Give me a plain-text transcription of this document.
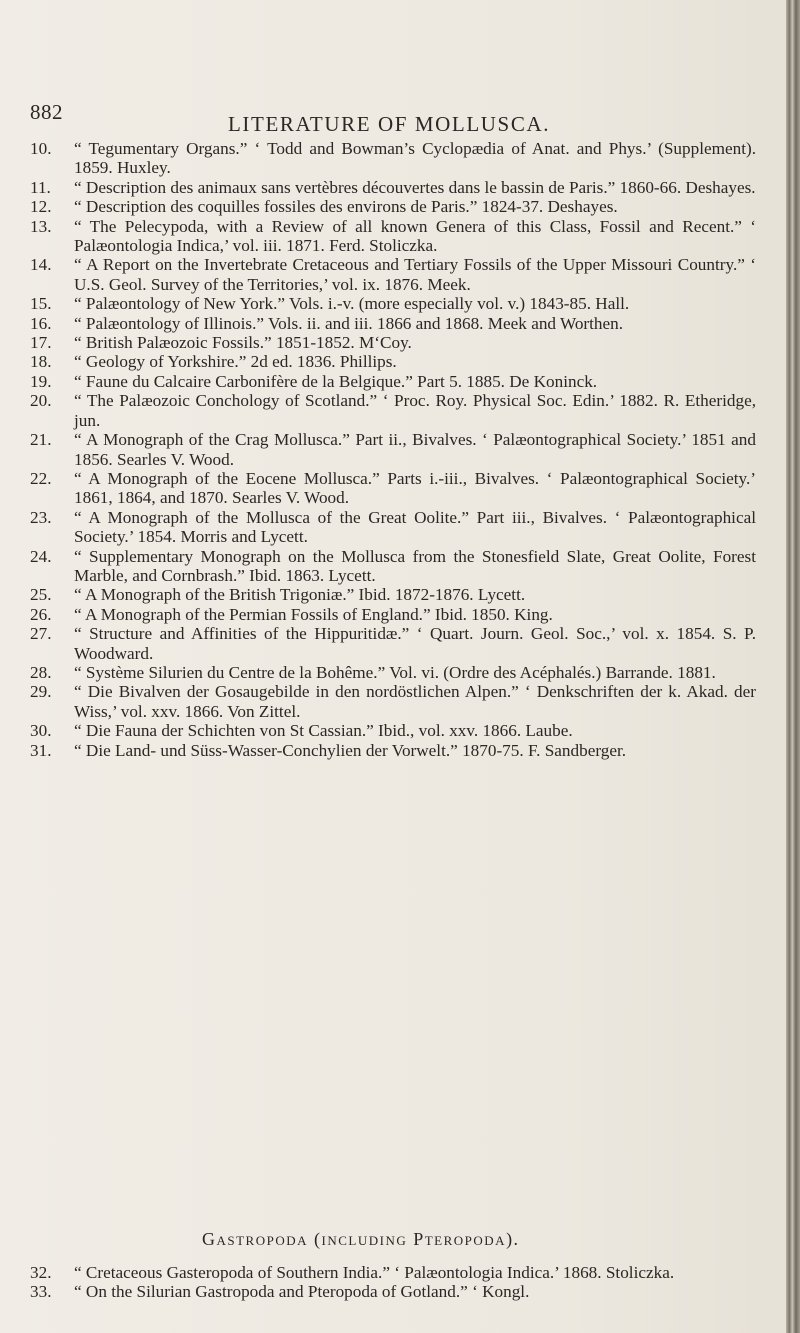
882	LITERATURE OF MOLLUSCA.
10. “ Tegumentary Organs.” ‘ Todd and Bowman’s Cyclopædia of Anat. and Phys.’ (Supplement). 1859. Huxley.
11. “ Description des animaux sans vertèbres découvertes dans le bassin de Paris.” 1860-66. Deshayes.
12. “ Description des coquilles fossiles des environs de Paris.” 1824-37. Deshayes.
13. “ The Pelecypoda, with a Review of all known Genera of this Class, Fossil and Recent.” ‘ Palæontologia Indica,’ vol. iii. 1871. Ferd. Stoliczka.
14. “ A Report on the Invertebrate Cretaceous and Tertiary Fossils of the Upper Missouri Country.” ‘ U.S. Geol. Survey of the Territories,’ vol. ix. 1876. Meek.
15. “ Palæontology of New York.” Vols. i.-v. (more especially vol. v.) 1843-85. Hall.
16. “ Palæontology of Illinois.” Vols. ii. and iii. 1866 and 1868. Meek and Worthen.
17. “ British Palæozoic Fossils.” 1851-1852. M‘Coy.
18. “ Geology of Yorkshire.” 2d ed. 1836. Phillips.
19. “ Faune du Calcaire Carbonifère de la Belgique.” Part 5. 1885. De Koninck.
20. “ The Palæozoic Conchology of Scotland.” ‘ Proc. Roy. Physical Soc. Edin.’ 1882. R. Etheridge, jun.
21. “ A Monograph of the Crag Mollusca.” Part ii., Bivalves. ‘ Palæontographical Society.’ 1851 and 1856. Searles V. Wood.
22. “ A Monograph of the Eocene Mollusca.” Parts i.-iii., Bivalves. ‘ Palæontographical Society.’ 1861, 1864, and 1870. Searles V. Wood.
23. “ A Monograph of the Mollusca of the Great Oolite.” Part iii., Bivalves. ‘ Palæontographical Society.’ 1854. Morris and Lycett.
24. “ Supplementary Monograph on the Mollusca from the Stonesfield Slate, Great Oolite, Forest Marble, and Cornbrash.” Ibid. 1863. Lycett.
25. “ A Monograph of the British Trigoniæ.” Ibid. 1872-1876. Lycett.
26. “ A Monograph of the Permian Fossils of England.” Ibid. 1850. King.
27. “ Structure and Affinities of the Hippuritidæ.” ‘ Quart. Journ. Geol. Soc.,’ vol. x. 1854. S. P. Woodward.
28. “ Système Silurien du Centre de la Bohême.” Vol. vi. (Ordre des Acéphalés.) Barrande. 1881.
29. “ Die Bivalven der Gosaugebilde in den nordöstlichen Alpen.” ‘ Denkschriften der k. Akad. der Wiss,’ vol. xxv. 1866. Von Zittel.
30. “ Die Fauna der Schichten von St Cassian.” Ibid., vol. xxv. 1866. Laube.
31. “ Die Land- und Süss-Wasser-Conchylien der Vorwelt.” 1870-75. F. Sandberger.
Gastropoda (including Pteropoda).
32. “ Cretaceous Gasteropoda of Southern India.” ‘ Palæontologia Indica.’ 1868. Stoliczka.
33. “ On the Silurian Gastropoda and Pteropoda of Gotland.” ‘ Kongl.
